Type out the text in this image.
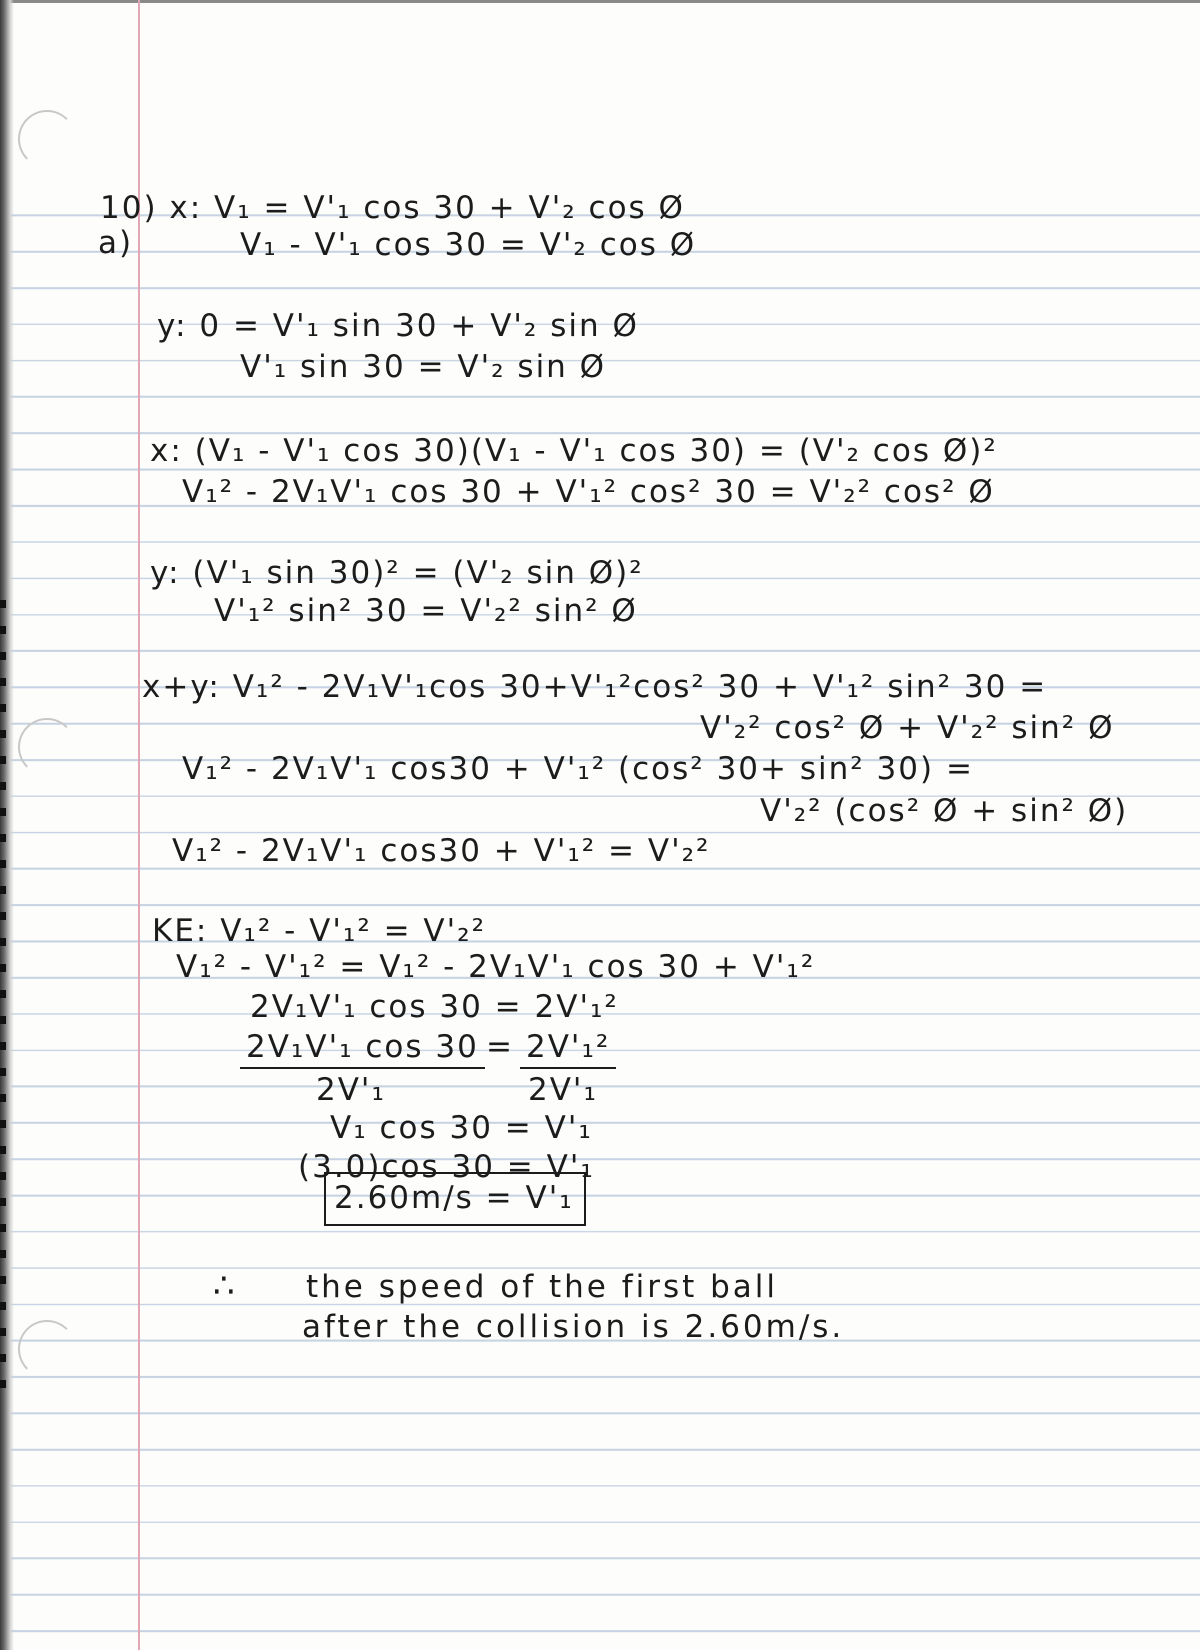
10) x: V₁ = V'₁ cos 30 + V'₂ cos Ø
a)	V₁ - V'₁ cos 30 = V'₂ cos Ø
y: 0 = V'₁ sin 30 + V'₂ sin Ø
V'₁ sin 30 = V'₂ sin Ø
x: (V₁ - V'₁ cos 30)(V₁ - V'₁ cos 30) = (V'₂ cos Ø)²
V₁² - 2V₁V'₁ cos 30 + V'₁² cos² 30 = V'₂² cos² Ø
y: (V'₁ sin 30)² = (V'₂ sin Ø)²
V'₁² sin² 30 = V'₂² sin² Ø
x+y: V₁² - 2V₁V'₁cos 30+V'₁²cos² 30 + V'₁² sin² 30 =
V'₂² cos² Ø + V'₂² sin² Ø
V₁² - 2V₁V'₁ cos30 + V'₁² (cos² 30+ sin² 30) =
V'₂² (cos² Ø + sin² Ø)
V₁² - 2V₁V'₁ cos30 + V'₁² = V'₂²
KE: V₁² - V'₁² = V'₂²
V₁² - V'₁² = V₁² - 2V₁V'₁ cos 30 + V'₁²
2V₁V'₁ cos 30 = 2V'₁²
2V₁V'₁ cos 30 = 2V'₁²
2V'₁	2V'₁
V₁ cos 30 = V'₁
(3.0)cos 30 = V'₁
2.60m/s = V'₁
∴ the speed of the first ball
after the collision is 2.60m/s.
